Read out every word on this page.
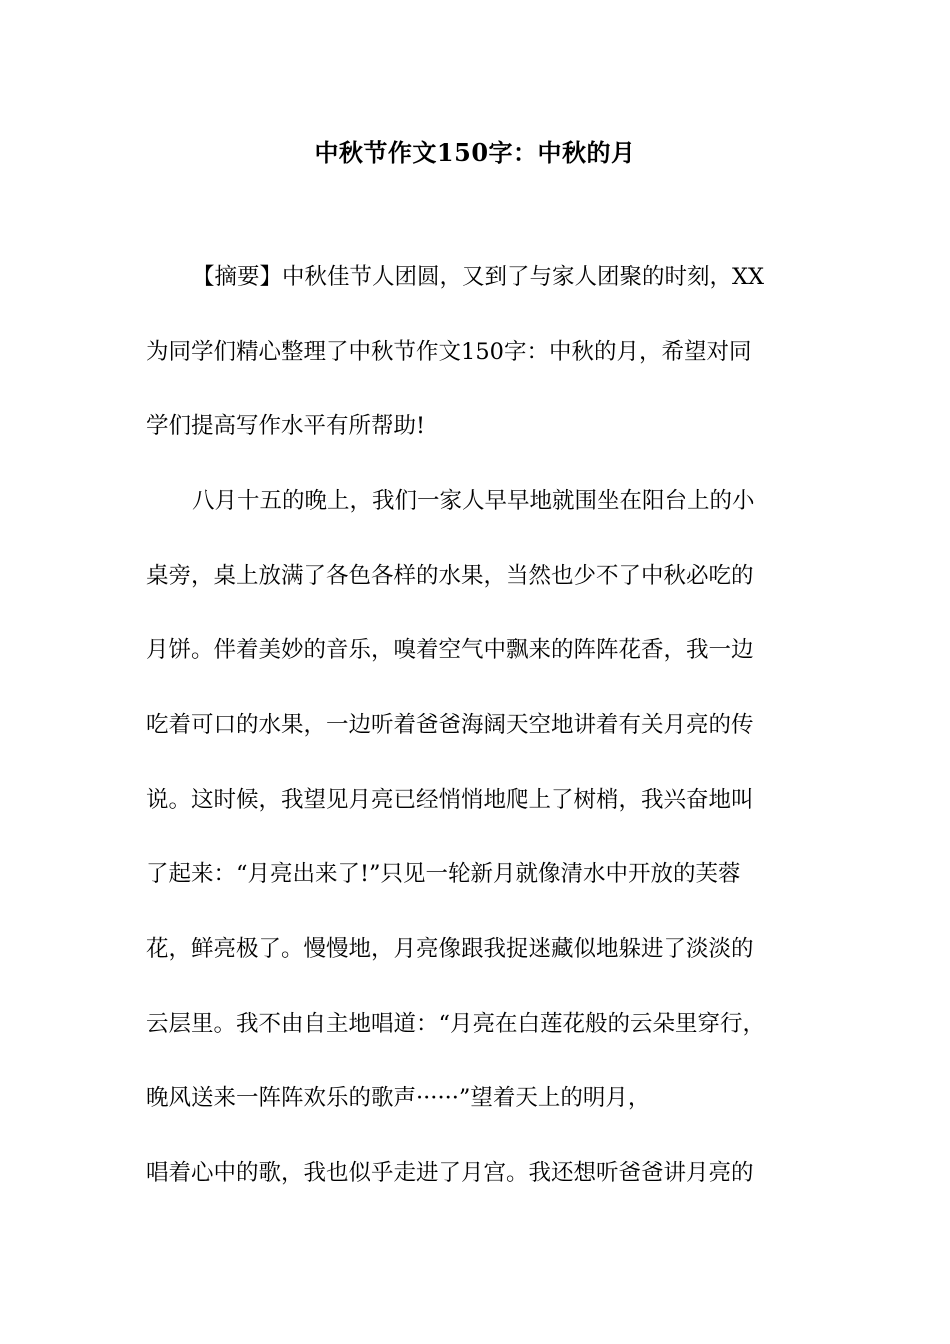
中秋节作文150字：中秋的月
【摘要】中秋佳节人团圆，又到了与家人团聚的时刻，XX
为同学们精心整理了中秋节作文150字：中秋的月，希望对同
学们提高写作水平有所帮助!
八月十五的晚上，我们一家人早早地就围坐在阳台上的小
桌旁，桌上放满了各色各样的水果，当然也少不了中秋必吃的
月饼。伴着美妙的音乐，嗅着空气中飘来的阵阵花香，我一边
吃着可口的水果，一边听着爸爸海阔天空地讲着有关月亮的传
说。这时候，我望见月亮已经悄悄地爬上了树梢，我兴奋地叫
了起来：“月亮出来了!”只见一轮新月就像清水中开放的芙蓉
花，鲜亮极了。慢慢地，月亮像跟我捉迷藏似地躲进了淡淡的
云层里。我不由自主地唱道：“月亮在白莲花般的云朵里穿行，
晚风送来一阵阵欢乐的歌声······”望着天上的明月，
唱着心中的歌，我也似乎走进了月宫。我还想听爸爸讲月亮的
